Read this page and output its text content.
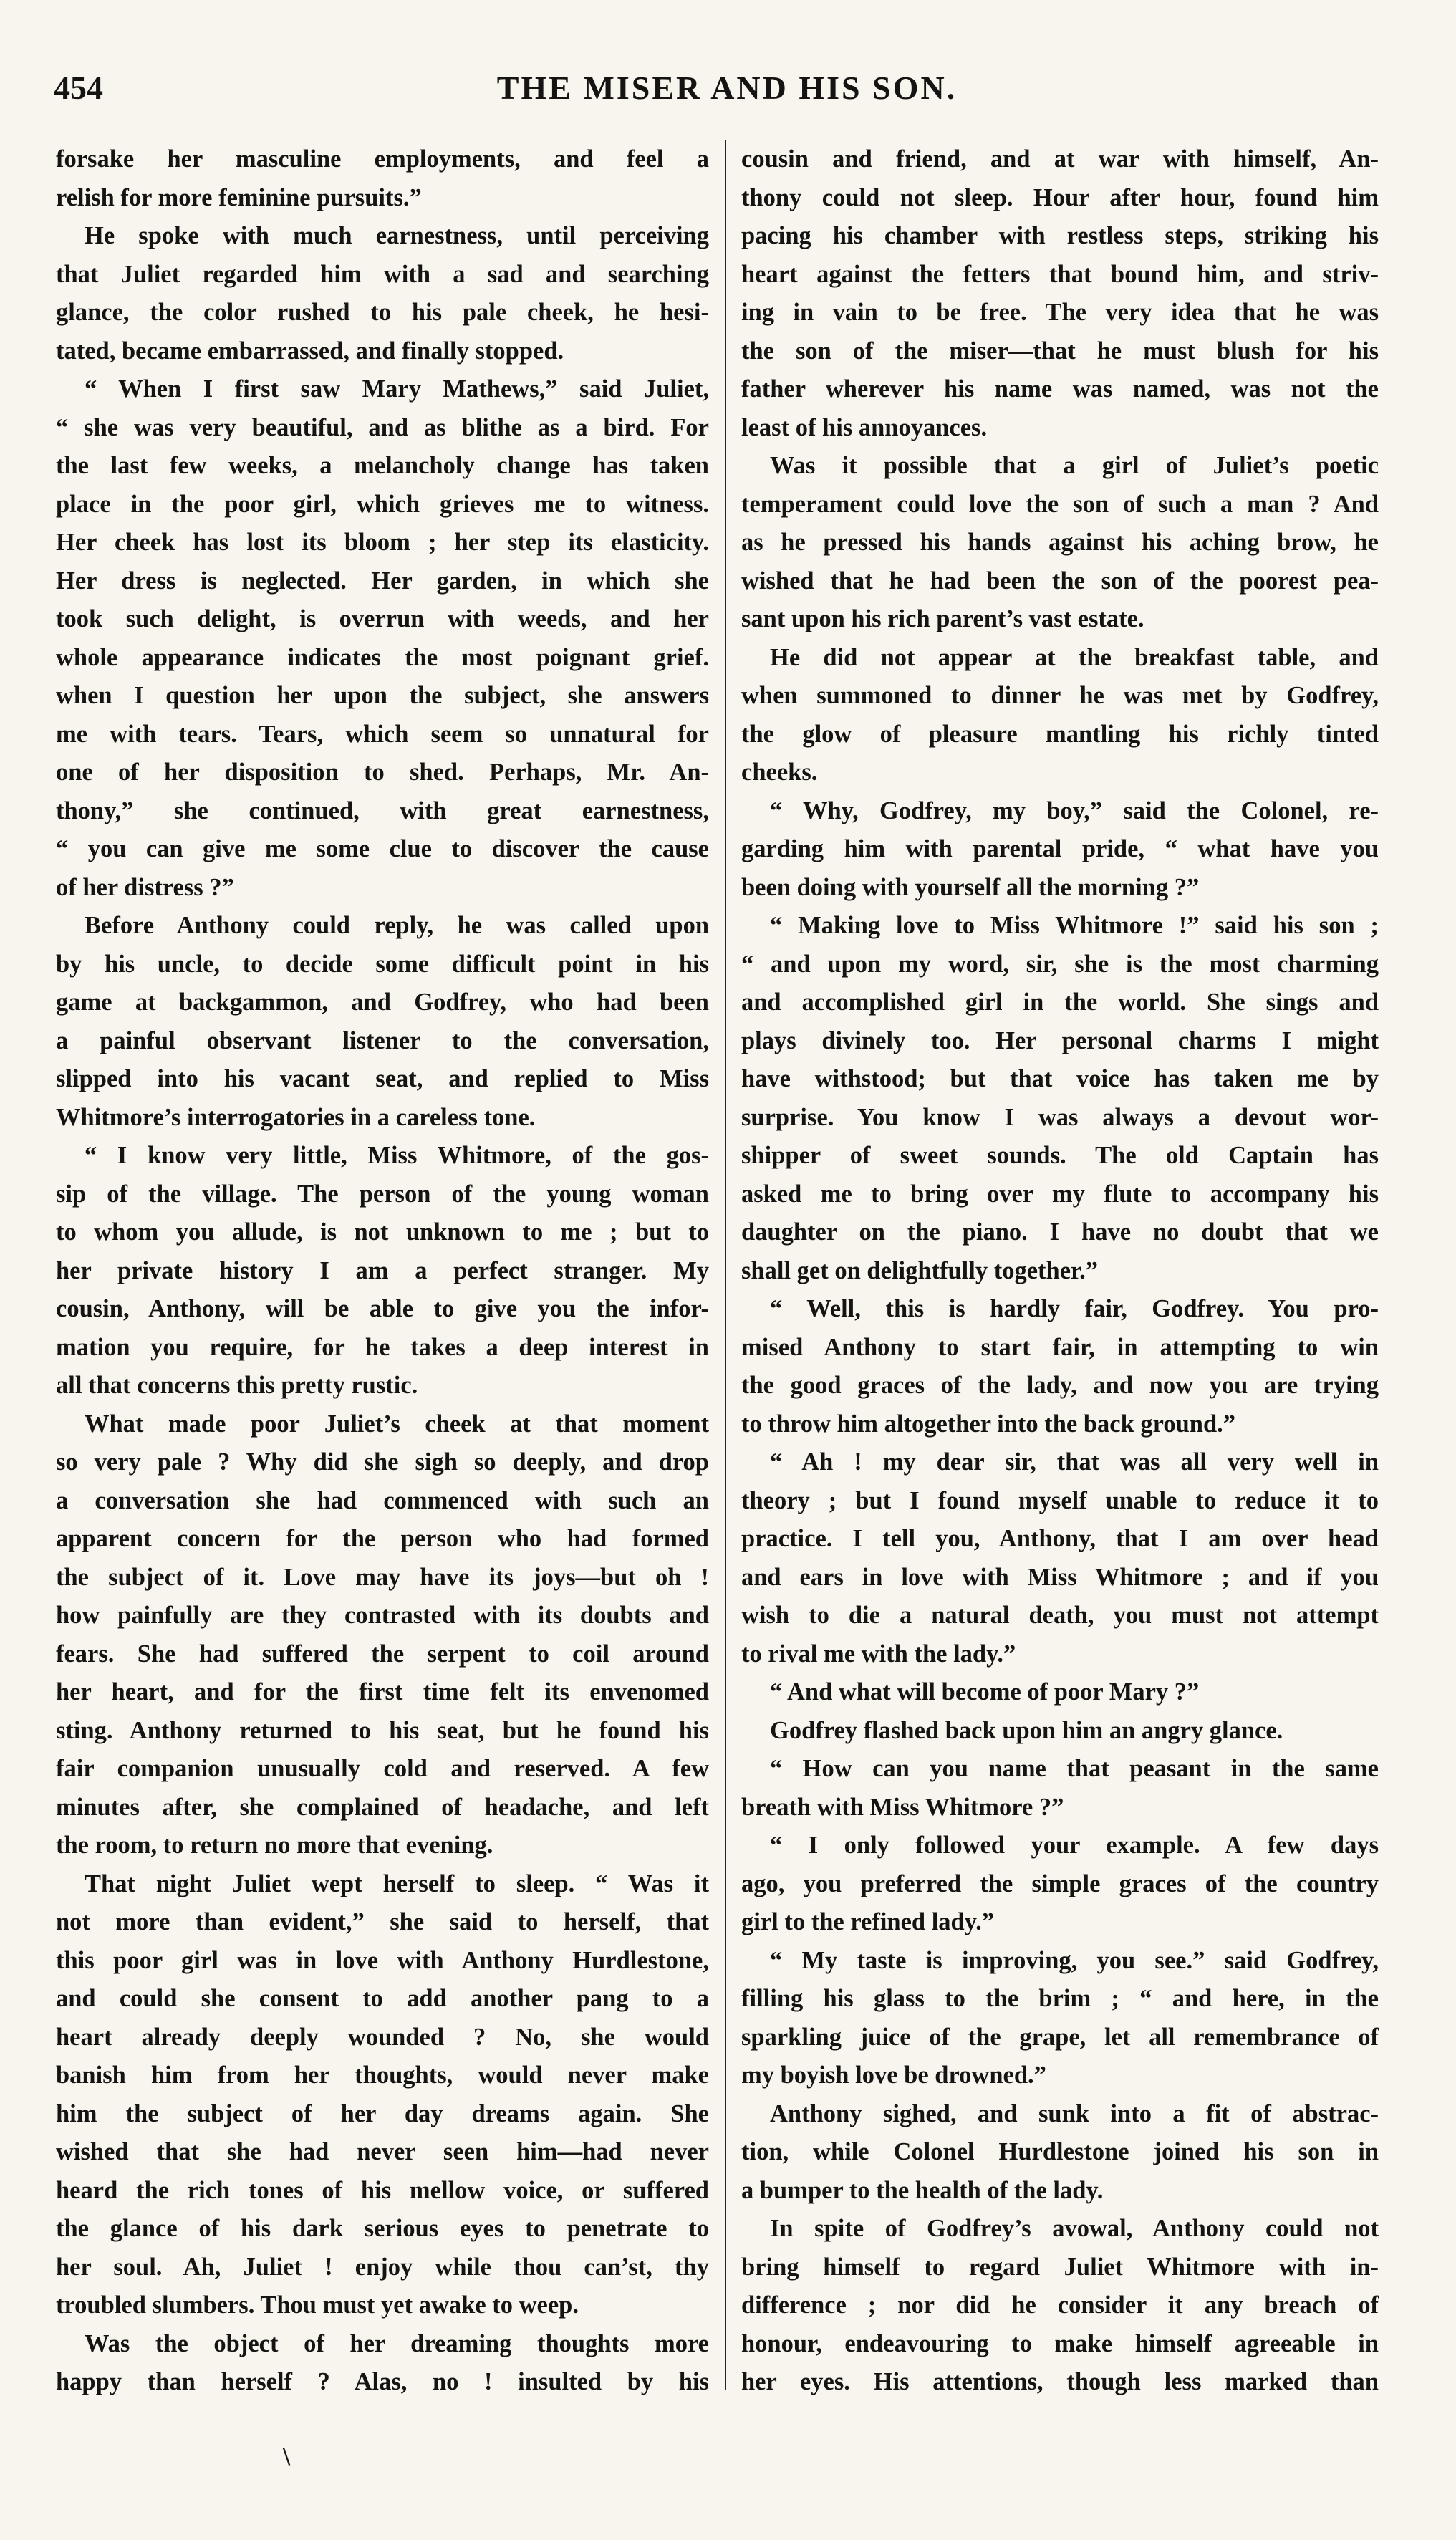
454	THE MISER AND HIS SON.
forsake her masculine employments, and feel a
relish for more feminine pursuits.”
He spoke with much earnestness, until perceiving
that Juliet regarded him with a sad and searching
glance, the color rushed to his pale cheek, he hesi-
tated, became embarrassed, and finally stopped.
“ When I first saw Mary Mathews,” said Juliet,
“ she was very beautiful, and as blithe as a bird. For
the last few weeks, a melancholy change has taken
place in the poor girl, which grieves me to witness.
Her cheek has lost its bloom ; her step its elasticity.
Her dress is neglected. Her garden, in which she
took such delight, is overrun with weeds, and her
whole appearance indicates the most poignant grief.
when I question her upon the subject, she answers
me with tears. Tears, which seem so unnatural for
one of her disposition to shed. Perhaps, Mr. An-
thony,” she continued, with great earnestness,
“ you can give me some clue to discover the cause
of her distress ?”
Before Anthony could reply, he was called upon
by his uncle, to decide some difficult point in his
game at backgammon, and Godfrey, who had been
a painful observant listener to the conversation,
slipped into his vacant seat, and replied to Miss
Whitmore’s interrogatories in a careless tone.
“ I know very little, Miss Whitmore, of the gos-
sip of the village. The person of the young woman
to whom you allude, is not unknown to me ; but to
her private history I am a perfect stranger. My
cousin, Anthony, will be able to give you the infor-
mation you require, for he takes a deep interest in
all that concerns this pretty rustic.
What made poor Juliet’s cheek at that moment
so very pale ? Why did she sigh so deeply, and drop
a conversation she had commenced with such an
apparent concern for the person who had formed
the subject of it. Love may have its joys—but oh !
how painfully are they contrasted with its doubts and
fears. She had suffered the serpent to coil around
her heart, and for the first time felt its envenomed
sting. Anthony returned to his seat, but he found his
fair companion unusually cold and reserved. A few
minutes after, she complained of headache, and left
the room, to return no more that evening.
That night Juliet wept herself to sleep. “ Was it
not more than evident,” she said to herself, that
this poor girl was in love with Anthony Hurdlestone,
and could she consent to add another pang to a
heart already deeply wounded ? No, she would
banish him from her thoughts, would never make
him the subject of her day dreams again. She
wished that she had never seen him—had never
heard the rich tones of his mellow voice, or suffered
the glance of his dark serious eyes to penetrate to
her soul. Ah, Juliet ! enjoy while thou can’st, thy
troubled slumbers. Thou must yet awake to weep.
Was the object of her dreaming thoughts more
happy than herself ? Alas, no ! insulted by his
cousin and friend, and at war with himself, An-
thony could not sleep. Hour after hour, found him
pacing his chamber with restless steps, striking his
heart against the fetters that bound him, and striv-
ing in vain to be free. The very idea that he was
the son of the miser—that he must blush for his
father wherever his name was named, was not the
least of his annoyances.
Was it possible that a girl of Juliet’s poetic
temperament could love the son of such a man ? And
as he pressed his hands against his aching brow, he
wished that he had been the son of the poorest pea-
sant upon his rich parent’s vast estate.
He did not appear at the breakfast table, and
when summoned to dinner he was met by Godfrey,
the glow of pleasure mantling his richly tinted
cheeks.
“ Why, Godfrey, my boy,” said the Colonel, re-
garding him with parental pride, “ what have you
been doing with yourself all the morning ?”
“ Making love to Miss Whitmore !” said his son ;
“ and upon my word, sir, she is the most charming
and accomplished girl in the world. She sings and
plays divinely too. Her personal charms I might
have withstood; but that voice has taken me by
surprise. You know I was always a devout wor-
shipper of sweet sounds. The old Captain has
asked me to bring over my flute to accompany his
daughter on the piano. I have no doubt that we
shall get on delightfully together.”
“ Well, this is hardly fair, Godfrey. You pro-
mised Anthony to start fair, in attempting to win
the good graces of the lady, and now you are trying
to throw him altogether into the back ground.”
“ Ah ! my dear sir, that was all very well in
theory ; but I found myself unable to reduce it to
practice. I tell you, Anthony, that I am over head
and ears in love with Miss Whitmore ; and if you
wish to die a natural death, you must not attempt
to rival me with the lady.”
“ And what will become of poor Mary ?”
Godfrey flashed back upon him an angry glance.
“ How can you name that peasant in the same
breath with Miss Whitmore ?”
“ I only followed your example. A few days
ago, you preferred the simple graces of the country
girl to the refined lady.”
“ My taste is improving, you see.” said Godfrey,
filling his glass to the brim ; “ and here, in the
sparkling juice of the grape, let all remembrance of
my boyish love be drowned.”
Anthony sighed, and sunk into a fit of abstrac-
tion, while Colonel Hurdlestone joined his son in
a bumper to the health of the lady.
In spite of Godfrey’s avowal, Anthony could not
bring himself to regard Juliet Whitmore with in-
difference ; nor did he consider it any breach of
honour, endeavouring to make himself agreeable in
her eyes. His attentions, though less marked than
\
